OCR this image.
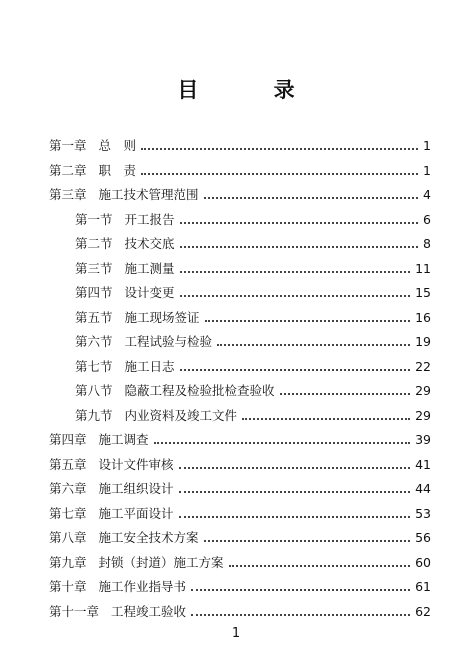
目 录
第一章 总　则	1
第二章 职　责	1
第三章 施工技术管理范围	4
第一节 开工报告	6
第二节 技术交底	8
第三节 施工测量	11
第四节 设计变更	15
第五节 施工现场签证	16
第六节 工程试验与检验	19
第七节 施工日志	22
第八节 隐蔽工程及检验批检查验收	29
第九节 内业资料及竣工文件	29
第四章 施工调查	39
第五章 设计文件审核	41
第六章 施工组织设计	44
第七章 施工平面设计	53
第八章 施工安全技术方案	56
第九章 封锁（封道）施工方案	60
第十章 施工作业指导书	61
第十一章 工程竣工验收	62
1
